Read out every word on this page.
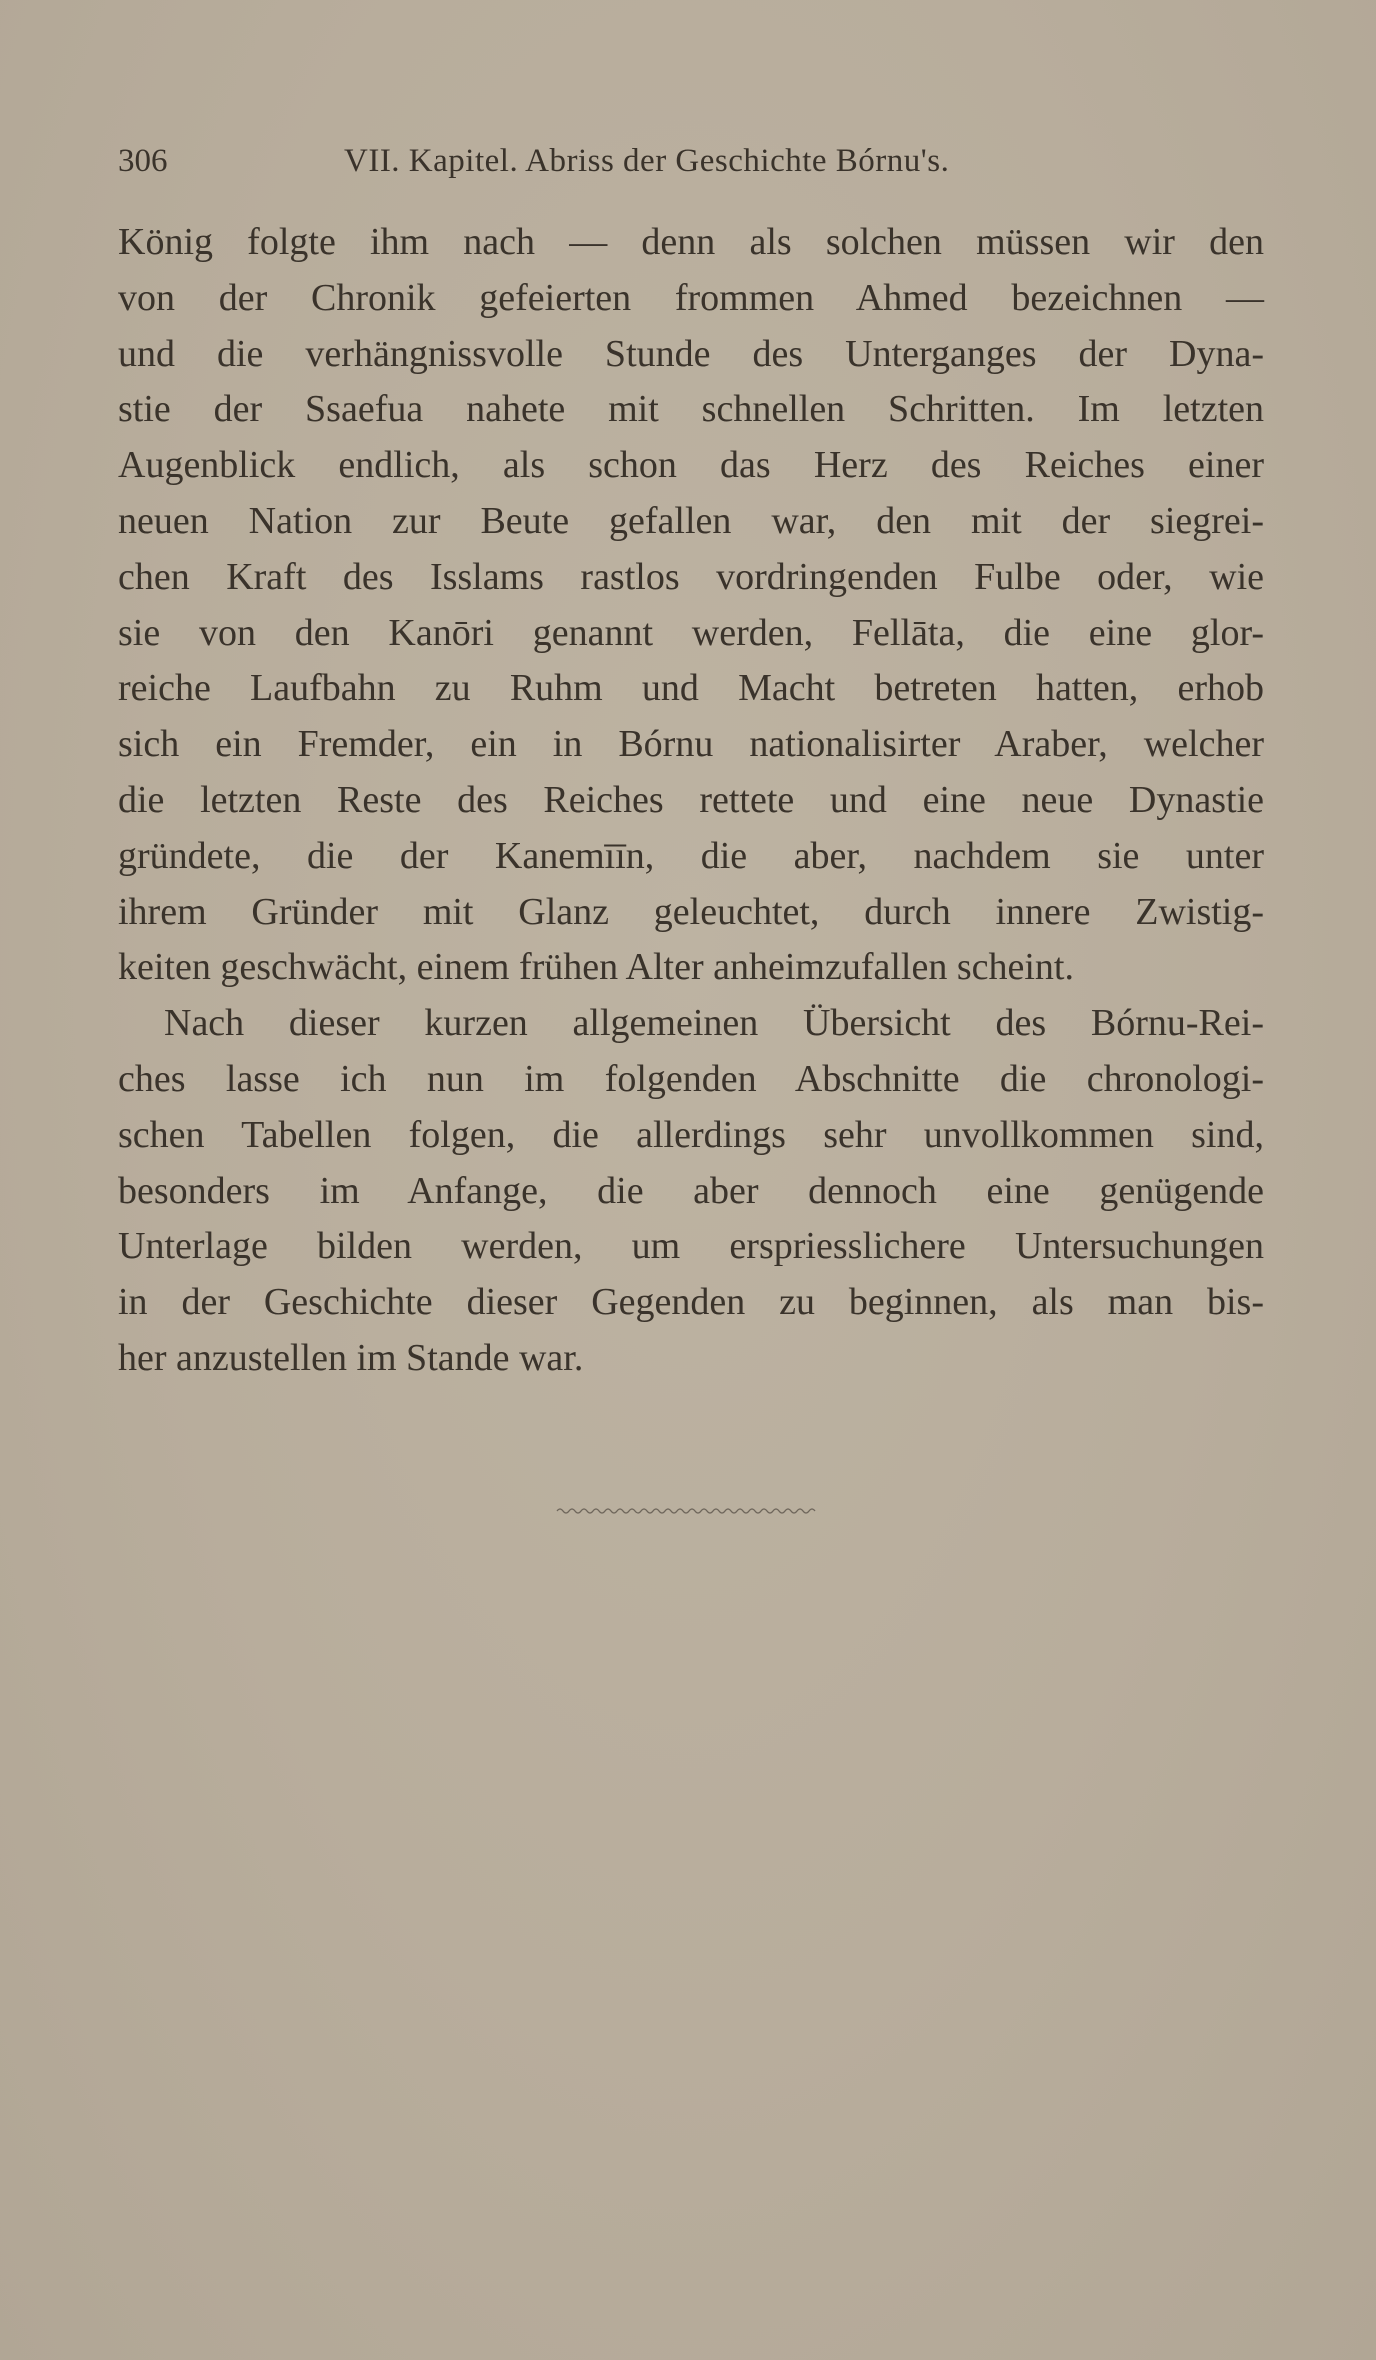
306	VII. Kapitel. Abriss der Geschichte Bórnu's.
König folgte ihm nach — denn als solchen müssen wir den
von der Chronik gefeierten frommen Ahmed bezeichnen —
und die verhängnissvolle Stunde des Unterganges der Dyna-
stie der Ssaefua nahete mit schnellen Schritten. Im letzten
Augenblick endlich, als schon das Herz des Reiches einer
neuen Nation zur Beute gefallen war, den mit der siegrei-
chen Kraft des Isslams rastlos vordringenden Fulbe oder, wie
sie von den Kanōri genannt werden, Fellāta, die eine glor-
reiche Laufbahn zu Ruhm und Macht betreten hatten, erhob
sich ein Fremder, ein in Bórnu nationalisirter Araber, welcher
die letzten Reste des Reiches rettete und eine neue Dynastie
gründete, die der Kanemīīn, die aber, nachdem sie unter
ihrem Gründer mit Glanz geleuchtet, durch innere Zwistig-
keiten geschwächt, einem frühen Alter anheimzufallen scheint.
Nach dieser kurzen allgemeinen Übersicht des Bórnu-Rei-
ches lasse ich nun im folgenden Abschnitte die chronologi-
schen Tabellen folgen, die allerdings sehr unvollkommen sind,
besonders im Anfange, die aber dennoch eine genügende
Unterlage bilden werden, um erspriesslichere Untersuchungen
in der Geschichte dieser Gegenden zu beginnen, als man bis-
her anzustellen im Stande war.
